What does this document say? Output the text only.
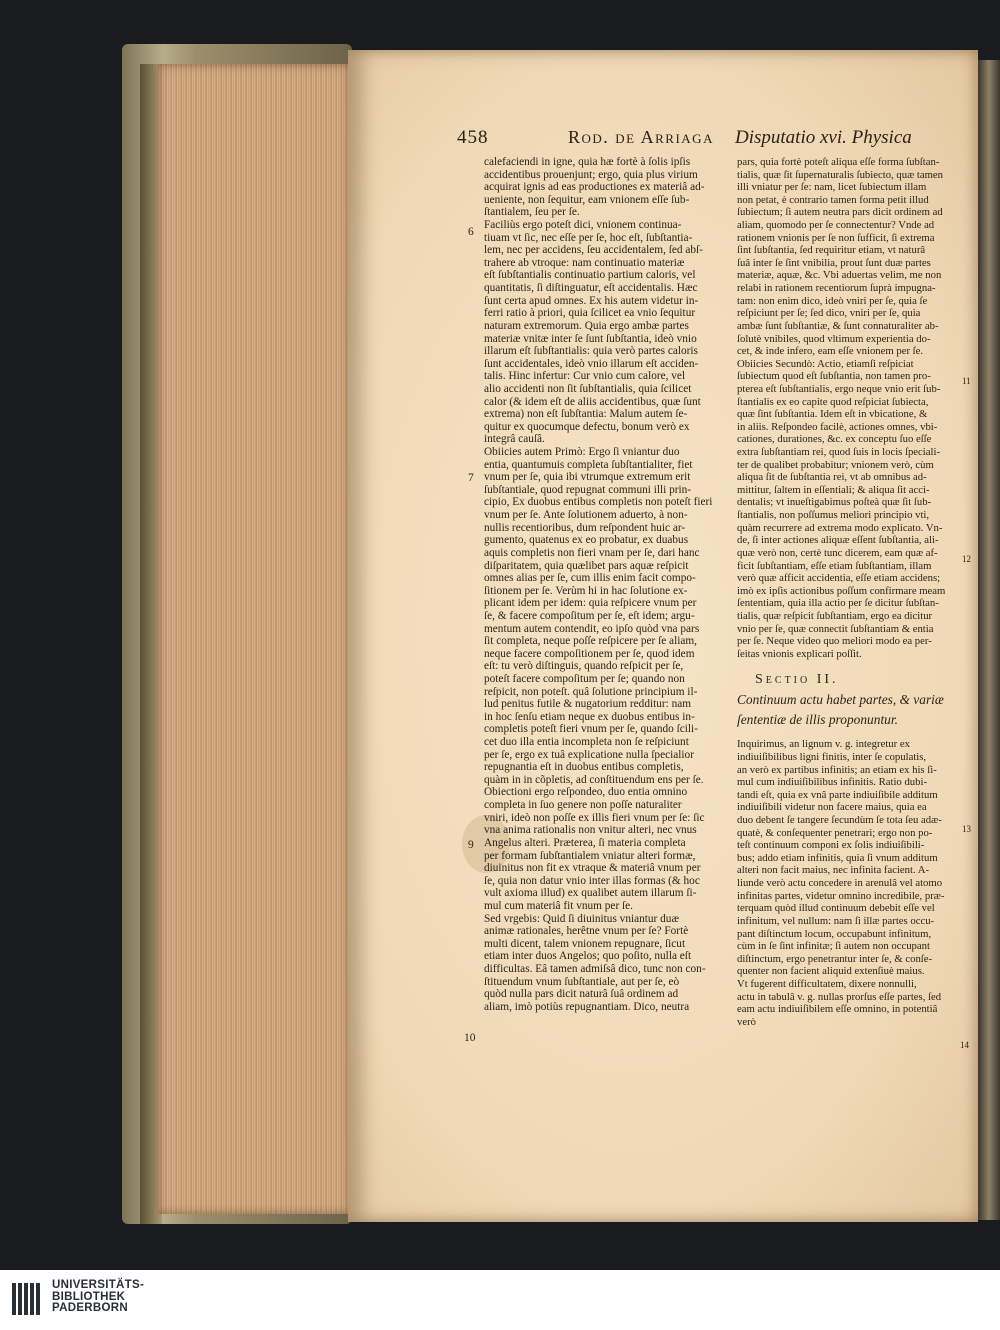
458	Rod. de Arriaga Disputatio xvi. Physica
calefaciendi in igne, quia hæ fortè à ſolis ipſis
accidentibus prouenjunt; ergo, quia plus virium
acquirat ignis ad eas productiones ex materiâ ad-
ueniente, non ſequitur, eam vnionem eſſe ſub-
ſtantialem, ſeu per ſe.
Faciliùs ergo poteſt dici, vnionem continua-
tiuam vt ſic, nec eſſe per ſe, hoc eſt, ſubſtantia-
lem, nec per accidens, ſeu accidentalem, ſed abſ-
trahere ab vtroque: nam continuatio materiæ
eſt ſubſtantialis continuatio partium caloris, vel
quantitatis, ſi diſtinguatur, eſt accidentalis. Hæc
ſunt certa apud omnes. Ex his autem videtur in-
ferri ratio à priori, quia ſcilicet ea vnio ſequitur
naturam extremorum. Quia ergo ambæ partes
materiæ vnitæ inter ſe ſunt ſubſtantia, ideò vnio
illarum eſt ſubſtantialis: quia verò partes caloris
ſunt accidentales, ideò vnio illarum eſt acciden-
talis. Hinc infertur: Cur vnio cum calore, vel
alio accidenti non ſit ſubſtantialis, quia ſcilicet
calor (& idem eſt de aliis accidentibus, quæ ſunt
extrema) non eſt ſubſtantia: Malum autem ſe-
quitur ex quocumque defectu, bonum verò ex
integrâ cauſâ.
Obiicies autem Primò: Ergo ſi vniantur duo
entia, quantumuis completa ſubſtantialiter, fiet
vnum per ſe, quia ibi vtrumque extremum erit
ſubſtantiale, quod repugnat communi illi prin-
cipio, Ex duobus entibus completis non poteſt fieri
vnum per ſe. Ante ſolutionem aduerto, à non-
nullis recentioribus, dum reſpondent huic ar-
gumento, quatenus ex eo probatur, ex duabus
aquis completis non fieri vnam per ſe, dari hanc
diſparitatem, quia quælibet pars aquæ reſpicit
omnes alias per ſe, cum illis enim facit compo-
ſitionem per ſe. Verùm hi in hac ſolutione ex-
plicant idem per idem: quia reſpicere vnum per
ſe, & facere compoſitum per ſe, eſt idem; argu-
mentum autem contendit, eo ipſo quòd vna pars
ſit completa, neque poſſe reſpicere per ſe aliam,
neque facere compoſitionem per ſe, quod idem
eſt: tu verò diſtinguis, quando reſpicit per ſe,
poteſt facere compoſitum per ſe; quando non
reſpicit, non poteſt. quâ ſolutione principium il-
lud penitus futile & nugatorium redditur: nam
in hoc ſenſu etiam neque ex duobus entibus in-
completis poteſt fieri vnum per ſe, quando ſcili-
cet duo illa entia incompleta non ſe reſpiciunt
per ſe, ergo ex tuâ explicatione nulla ſpecialior
repugnantia eſt in duobus entibus completis,
quàm in in cõpletis, ad conſtituendum ens per ſe.
Obiectioni ergo reſpondeo, duo entia omnino
completa in ſuo genere non poſſe naturaliter
vniri, ideò non poſſe ex illis fieri vnum per ſe: ſic
vna anima rationalis non vnitur alteri, nec vnus
Angelus alteri. Præterea, ſi materia completa
per formam ſubſtantialem vniatur alteri formæ,
diuinitus non fit ex vtraque & materiâ vnum per
ſe, quia non datur vnio inter illas formas (& hoc
vult axioma illud) ex qualibet autem illarum ſi-
mul cum materiâ fit vnum per ſe.
Sed vrgebis: Quid ſi diuinitus vniantur duæ
animæ rationales, herêtne vnum per ſe? Fortè
multi dicent, talem vnionem repugnare, ſicut
etiam inter duos Angelos; quo poſito, nulla eſt
difficultas. Eâ tamen admiſsâ dico, tunc non con-
ſtituendum vnum ſubſtantiale, aut per ſe, eò
quòd nulla pars dicit naturâ ſuâ ordinem ad
aliam, imò potiùs repugnantiam. Dico, neutra
pars, quia fortè poteſt aliqua eſſe forma ſubſtan-
tialis, quæ ſit ſupernaturalis ſubiecto, quæ tamen
illi vniatur per ſe: nam, licet ſubiectum illam
non petat, è contrario tamen forma petit illud
ſubiectum; ſi autem neutra pars dicit ordinem ad
aliam, quomodo per ſe connectentur? Vnde ad
rationem vnionis per ſe non ſufficit, ſi extrema
ſint ſubſtantia, ſed requiritur etiam, vt naturâ
ſuâ inter ſe ſint vnibilia, prout ſunt duæ partes
materiæ, aquæ, &c. Vbi aduertas velim, me non
relabi in rationem recentiorum ſuprà impugna-
tam: non enim dico, ideò vniri per ſe, quia ſe
reſpiciunt per ſe; ſed dico, vniri per ſe, quia
ambæ ſunt ſubſtantiæ, & ſunt connaturaliter ab-
ſolutè vnibiles, quod vltimum experientia do-
cet, & inde infero, eam eſſe vnionem per ſe.
Obiicies Secundò: Actio, etiamſi reſpiciat
ſubiectum quod eſt ſubſtantia, non tamen pro-
pterea eſt ſubſtantialis, ergo neque vnio erit ſub-
ſtantialis ex eo capite quod reſpiciat ſubiecta,
quæ ſint ſubſtantia. Idem eſt in vbicatione, &
in aliis. Reſpondeo facilè, actiones omnes, vbi-
cationes, durationes, &c. ex conceptu ſuo eſſe
extra ſubſtantiam rei, quod ſuis in locis ſpeciali-
ter de qualibet probabitur; vnionem verò, cùm
aliqua ſit de ſubſtantia rei, vt ab omnibus ad-
mittitur, ſaltem in eſſentiali; & aliqua ſit acci-
dentalis; vt inueſtigabimus poſteà quæ ſit ſub-
ſtantialis, non poſſumus meliori principio vti,
quàm recurrere ad extrema modo explicato. Vn-
de, ſi inter actiones aliquæ eſſent ſubſtantia, ali-
quæ verò non, certè tunc dicerem, eam quæ af-
ficit ſubſtantiam, eſſe etiam ſubſtantiam, illam
verò quæ afficit accidentia, eſſe etiam accidens;
imò ex ipſis actionibus poſſum confirmare meam
ſententiam, quia illa actio per ſe dicitur ſubſtan-
tialis, quæ reſpicit ſubſtantiam, ergo ea dicitur
vnio per ſe, quæ connectit ſubſtantiam & entia
per ſe. Neque video quo meliori modo ea per-
ſeitas vnionis explicari poſſit.
Sectio II.
Continuum actu habet partes, & variæ
ſententiæ de illis proponuntur.
Inquirimus, an lignum v. g. integretur ex
indiuiſibilibus ligni finitis, inter ſe copulatis,
an verò ex partibus infinitis; an etiam ex his ſi-
mul cum indiuiſibilibus infinitis. Ratio dubi-
tandi eſt, quia ex vnâ parte indiuiſibile additum
indiuiſibili videtur non facere maius, quia ea
duo debent ſe tangere ſecundùm ſe tota ſeu adæ-
quatè, & conſequenter penetrari; ergo non po-
teſt continuum componi ex ſolis indiuiſibili-
bus; addo etiam infinitis, quia ſi vnum additum
alteri non facit maius, nec infinita facient. A-
liunde verò actu concedere in arenulâ vel atomo
infinitas partes, videtur omnino incredibile, præ-
terquam quòd illud continuum debebit eſſe vel
infinitum, vel nullum: nam ſi illæ partes occu-
pant diſtinctum locum, occupabunt infinitum,
cùm in ſe ſint infinitæ; ſi autem non occupant
diſtinctum, ergo penetrantur inter ſe, & conſe-
quenter non facient aliquid extenſiuè maius.
Vt fugerent difficultatem, dixere nonnulli,
actu in tabulâ v. g. nullas prorſus eſſe partes, ſed
eam actu indiuiſibilem eſſe omnino, in potentiâ
verò
6
7
9
10
11
12
13
14
UNIVERSITÄTS-
BIBLIOTHEK
PADERBORN
